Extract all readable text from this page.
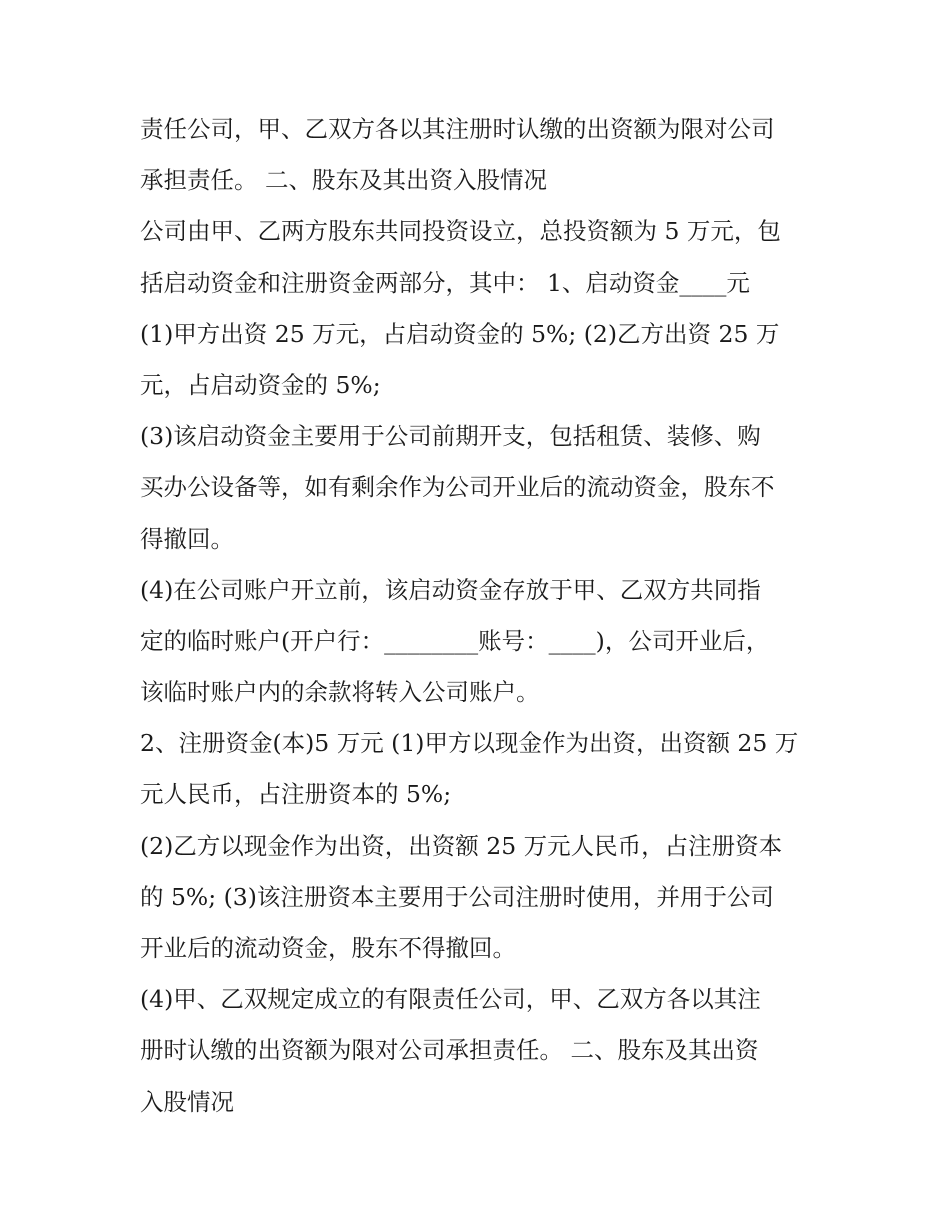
责任公司，甲、乙双方各以其注册时认缴的出资额为限对公司
承担责任。 二、股东及其出资入股情况
公司由甲、乙两方股东共同投资设立，总投资额为 5 万元，包
括启动资金和注册资金两部分，其中： 1、启动资金____元
(1)甲方出资 25 万元，占启动资金的 5%; (2)乙方出资 25 万
元，占启动资金的 5%;
(3)该启动资金主要用于公司前期开支，包括租赁、装修、购
买办公设备等，如有剩余作为公司开业后的流动资金，股东不
得撤回。
(4)在公司账户开立前，该启动资金存放于甲、乙双方共同指
定的临时账户(开户行：________账号：____)，公司开业后，
该临时账户内的余款将转入公司账户。
2、注册资金(本)5 万元 (1)甲方以现金作为出资，出资额 25 万
元人民币，占注册资本的 5%;
(2)乙方以现金作为出资，出资额 25 万元人民币，占注册资本
的 5%; (3)该注册资本主要用于公司注册时使用，并用于公司
开业后的流动资金，股东不得撤回。
(4)甲、乙双规定成立的有限责任公司，甲、乙双方各以其注
册时认缴的出资额为限对公司承担责任。 二、股东及其出资
入股情况
